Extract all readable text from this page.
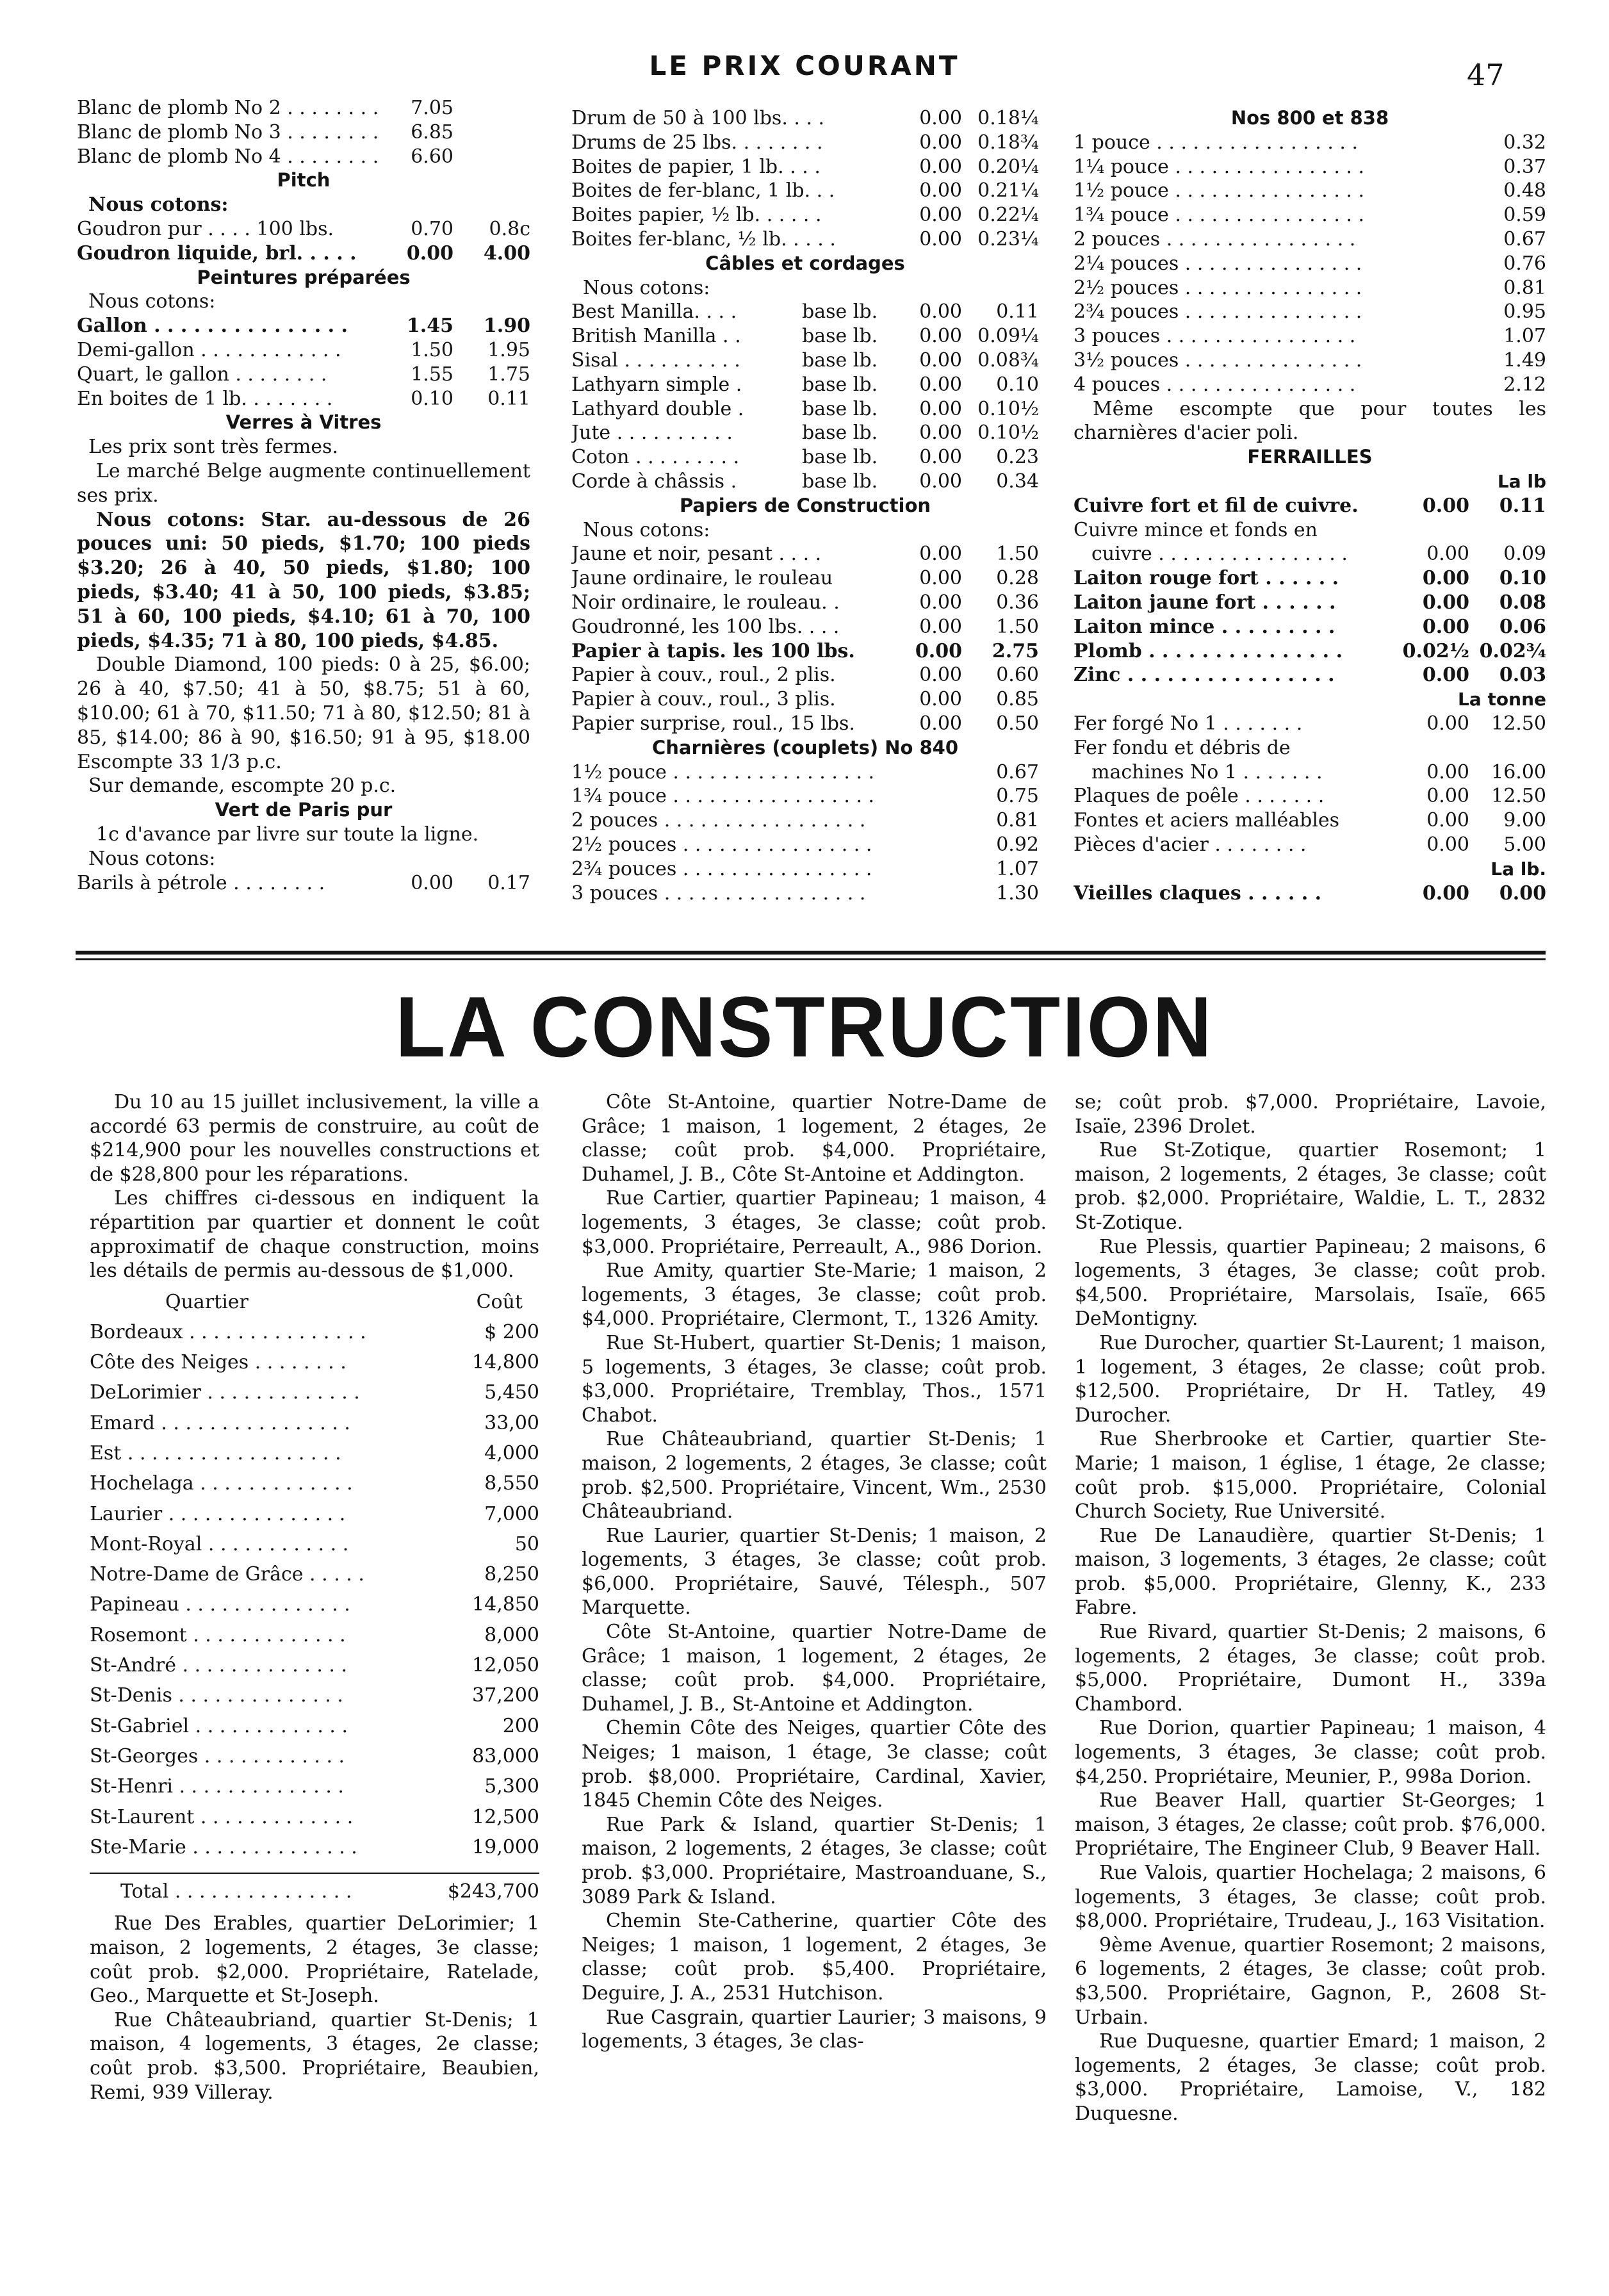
LE PRIX COURANT	47
Blanc de plomb No 2 . . . . . . . .	7.05
Blanc de plomb No 3 . . . . . . . .	6.85
Blanc de plomb No 4 . . . . . . . .	6.60
Pitch
Nous cotons:
Goudron pur . . . . 100 lbs.	0.70	0.8c
Goudron liquide, brl. . . . .	0.00	4.00
Peintures préparées
Nous cotons:
Gallon . . . . . . . . . . . . . . .	1.45	1.90
Demi-gallon . . . . . . . . . . . .	1.50	1.95
Quart, le gallon . . . . . . . .	1.55	1.75
En boites de 1 lb. . . . . . . .	0.10	0.11
Verres à Vitres
Les prix sont très fermes.
Le marché Belge augmente continuellement ses prix.
Nous cotons: Star. au-dessous de 26 pouces uni: 50 pieds, $1.70; 100 pieds $3.20; 26 à 40, 50 pieds, $1.80; 100 pieds, $3.40; 41 à 50, 100 pieds, $3.85; 51 à 60, 100 pieds, $4.10; 61 à 70, 100 pieds, $4.35; 71 à 80, 100 pieds, $4.85.
Double Diamond, 100 pieds: 0 à 25, $6.00; 26 à 40, $7.50; 41 à 50, $8.75; 51 à 60, $10.00; 61 à 70, $11.50; 71 à 80, $12.50; 81 à 85, $14.00; 86 à 90, $16.50; 91 à 95, $18.00 Escompte 33 1/3 p.c.
Sur demande, escompte 20 p.c.
Vert de Paris pur
1c d'avance par livre sur toute la ligne.
Nous cotons:
Barils à pétrole . . . . . . . .	0.00	0.17
Drum de 50 à 100 lbs. . . .	0.00 0.18¼
Drums de 25 lbs. . . . . . . .	0.00 0.18¾
Boites de papier, 1 lb. . . .	0.00 0.20¼
Boites de fer-blanc, 1 lb. . .	0.00 0.21¼
Boites papier, ½ lb. . . . . .	0.00 0.22¼
Boites fer-blanc, ½ lb. . . . .	0.00 0.23¼
Câbles et cordages
Nous cotons:
Best Manilla. . . .	base lb.	0.00	0.11
British Manilla . .	base lb.	0.00 0.09¼
Sisal . . . . . . . . . .	base lb.	0.00 0.08¾
Lathyarn simple .	base lb.	0.00	0.10
Lathyard double .	base lb.	0.00 0.10½
Jute . . . . . . . . . .	base lb.	0.00 0.10½
Coton . . . . . . . . .	base lb.	0.00	0.23
Corde à châssis .	base lb.	0.00	0.34
Papiers de Construction
Nous cotons:
Jaune et noir, pesant . . . .	0.00	1.50
Jaune ordinaire, le rouleau	0.00	0.28
Noir ordinaire, le rouleau. .	0.00	0.36
Goudronné, les 100 lbs. . . .	0.00	1.50
Papier à tapis. les 100 lbs.	0.00	2.75
Papier à couv., roul., 2 plis.	0.00	0.60
Papier à couv., roul., 3 plis.	0.00	0.85
Papier surprise, roul., 15 lbs.	0.00	0.50
Charnières (couplets) No 840
1½ pouce . . . . . . . . . . . . . . . . .	0.67
1¾ pouce . . . . . . . . . . . . . . . . .	0.75
2 pouces . . . . . . . . . . . . . . . . .	0.81
2½ pouces . . . . . . . . . . . . . . . .	0.92
2¾ pouces . . . . . . . . . . . . . . . .	1.07
3 pouces . . . . . . . . . . . . . . . . .	1.30
Nos 800 et 838
1 pouce . . . . . . . . . . . . . . . . .	0.32
1¼ pouce . . . . . . . . . . . . . . . .	0.37
1½ pouce . . . . . . . . . . . . . . . .	0.48
1¾ pouce . . . . . . . . . . . . . . . .	0.59
2 pouces . . . . . . . . . . . . . . . .	0.67
2¼ pouces . . . . . . . . . . . . . . .	0.76
2½ pouces . . . . . . . . . . . . . . .	0.81
2¾ pouces . . . . . . . . . . . . . . .	0.95
3 pouces . . . . . . . . . . . . . . . .	1.07
3½ pouces . . . . . . . . . . . . . . .	1.49
4 pouces . . . . . . . . . . . . . . . .	2.12
Même escompte que pour toutes les charnières d'acier poli.
FERRAILLES
La lb
Cuivre fort et fil de cuivre.	0.00	0.11
Cuivre mince et fonds en
cuivre . . . . . . . . . . . . . . . .	0.00	0.09
Laiton rouge fort . . . . . .	0.00	0.10
Laiton jaune fort . . . . . .	0.00	0.08
Laiton mince . . . . . . . . .	0.00	0.06
Plomb . . . . . . . . . . . . . . .	0.02½ 0.02¾
Zinc . . . . . . . . . . . . . . . .	0.00	0.03
La tonne
Fer forgé No 1 . . . . . . .	0.00	12.50
Fer fondu et débris de
machines No 1 . . . . . . .	0.00	16.00
Plaques de poêle . . . . . . .	0.00	12.50
Fontes et aciers malléables	0.00	9.00
Pièces d'acier . . . . . . . .	0.00	5.00
La lb.
Vieilles claques . . . . . .	0.00	0.00
LA CONSTRUCTION

Du 10 au 15 juillet inclusivement, la ville a accordé 63 permis de construire, au coût de $214,900 pour les nouvelles constructions et de $28,800 pour les réparations.

Les chiffres ci-dessous en indiquent la répartition par quartier et donnent le coût approximatif de chaque construction, moins les détails de permis au-dessous de $1,000.

Quartier	Coût
Bordeaux . . . . . . . . . . . . . . .	$ 200
Côte des Neiges . . . . . . . .	14,800
DeLorimier . . . . . . . . . . . . .	5,450
Emard . . . . . . . . . . . . . . . .	33,00
Est . . . . . . . . . . . . . . . . . .	4,000
Hochelaga . . . . . . . . . . . . .	8,550
Laurier . . . . . . . . . . . . . . .	7,000
Mont-Royal . . . . . . . . . . . .	50
Notre-Dame de Grâce . . . . .	8,250
Papineau . . . . . . . . . . . . . .	14,850
Rosemont . . . . . . . . . . . . .	8,000
St-André . . . . . . . . . . . . . .	12,050
St-Denis . . . . . . . . . . . . . .	37,200
St-Gabriel . . . . . . . . . . . . .	200
St-Georges . . . . . . . . . . . .	83,000
St-Henri . . . . . . . . . . . . . .	5,300
St-Laurent . . . . . . . . . . . . .	12,500
Ste-Marie . . . . . . . . . . . . . .	19,000
Total . . . . . . . . . . . . . . .	$243,700

Rue Des Erables, quartier DeLorimier; 1 maison, 2 logements, 2 étages, 3e classe; coût prob. $2,000. Propriétaire, Ratelade, Geo., Marquette et St-Joseph.

Rue Châteaubriand, quartier St-Denis; 1 maison, 4 logements, 3 étages, 2e classe; coût prob. $3,500. Propriétaire, Beaubien, Remi, 939 Villeray.

Côte St-Antoine, quartier Notre-Dame de Grâce; 1 maison, 1 logement, 2 étages, 2e classe; coût prob. $4,000. Propriétaire, Duhamel, J. B., Côte St-Antoine et Addington.

Rue Cartier, quartier Papineau; 1 maison, 4 logements, 3 étages, 3e classe; coût prob. $3,000. Propriétaire, Perreault, A., 986 Dorion.

Rue Amity, quartier Ste-Marie; 1 maison, 2 logements, 3 étages, 3e classe; coût prob. $4,000. Propriétaire, Clermont, T., 1326 Amity.

Rue St-Hubert, quartier St-Denis; 1 maison, 5 logements, 3 étages, 3e classe; coût prob. $3,000. Propriétaire, Tremblay, Thos., 1571 Chabot.

Rue Châteaubriand, quartier St-Denis; 1 maison, 2 logements, 2 étages, 3e classe; coût prob. $2,500. Propriétaire, Vincent, Wm., 2530 Châteaubriand.

Rue Laurier, quartier St-Denis; 1 maison, 2 logements, 3 étages, 3e classe; coût prob. $6,000. Propriétaire, Sauvé, Télesph., 507 Marquette.

Côte St-Antoine, quartier Notre-Dame de Grâce; 1 maison, 1 logement, 2 étages, 2e classe; coût prob. $4,000. Propriétaire, Duhamel, J. B., St-Antoine et Addington.

Chemin Côte des Neiges, quartier Côte des Neiges; 1 maison, 1 étage, 3e classe; coût prob. $8,000. Propriétaire, Cardinal, Xavier, 1845 Chemin Côte des Neiges.

Rue Park & Island, quartier St-Denis; 1 maison, 2 logements, 2 étages, 3e classe; coût prob. $3,000. Propriétaire, Mastroanduane, S., 3089 Park & Island.

Chemin Ste-Catherine, quartier Côte des Neiges; 1 maison, 1 logement, 2 étages, 3e classe; coût prob. $5,400. Propriétaire, Deguire, J. A., 2531 Hutchison.

Rue Casgrain, quartier Laurier; 3 maisons, 9 logements, 3 étages, 3e clas-

se; coût prob. $7,000. Propriétaire, Lavoie, Isaïe, 2396 Drolet.

Rue St-Zotique, quartier Rosemont; 1 maison, 2 logements, 2 étages, 3e classe; coût prob. $2,000. Propriétaire, Waldie, L. T., 2832 St-Zotique.

Rue Plessis, quartier Papineau; 2 maisons, 6 logements, 3 étages, 3e classe; coût prob. $4,500. Propriétaire, Marsolais, Isaïe, 665 DeMontigny.

Rue Durocher, quartier St-Laurent; 1 maison, 1 logement, 3 étages, 2e classe; coût prob. $12,500. Propriétaire, Dr H. Tatley, 49 Durocher.

Rue Sherbrooke et Cartier, quartier Ste-Marie; 1 maison, 1 église, 1 étage, 2e classe; coût prob. $15,000. Propriétaire, Colonial Church Society, Rue Université.

Rue De Lanaudière, quartier St-Denis; 1 maison, 3 logements, 3 étages, 2e classe; coût prob. $5,000. Propriétaire, Glenny, K., 233 Fabre.

Rue Rivard, quartier St-Denis; 2 maisons, 6 logements, 2 étages, 3e classe; coût prob. $5,000. Propriétaire, Dumont H., 339a Chambord.

Rue Dorion, quartier Papineau; 1 maison, 4 logements, 3 étages, 3e classe; coût prob. $4,250. Propriétaire, Meunier, P., 998a Dorion.

Rue Beaver Hall, quartier St-Georges; 1 maison, 3 étages, 2e classe; coût prob. $76,000. Propriétaire, The Engineer Club, 9 Beaver Hall.

Rue Valois, quartier Hochelaga; 2 maisons, 6 logements, 3 étages, 3e classe; coût prob. $8,000. Propriétaire, Trudeau, J., 163 Visitation.

9ème Avenue, quartier Rosemont; 2 maisons, 6 logements, 2 étages, 3e classe; coût prob. $3,500. Propriétaire, Gagnon, P., 2608 St-Urbain.

Rue Duquesne, quartier Emard; 1 maison, 2 logements, 2 étages, 3e classe; coût prob. $3,000. Propriétaire, Lamoise, V., 182 Duquesne.
